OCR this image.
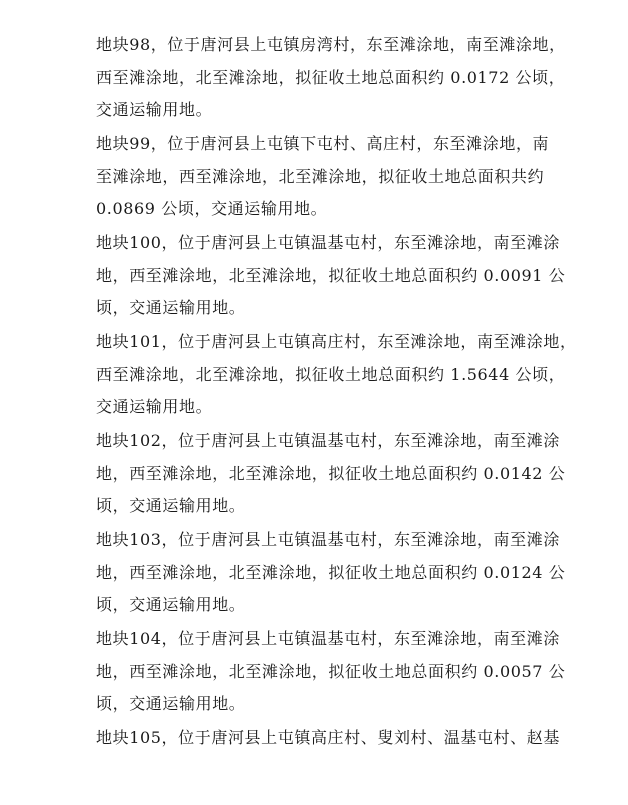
地块98，位于唐河县上屯镇房湾村，东至滩涂地，南至滩涂地，
西至滩涂地，北至滩涂地，拟征收土地总面积约 0.0172 公顷，
交通运输用地。

地块99，位于唐河县上屯镇下屯村、高庄村，东至滩涂地，南
至滩涂地，西至滩涂地，北至滩涂地，拟征收土地总面积共约
0.0869 公顷，交通运输用地。

地块100，位于唐河县上屯镇温基屯村，东至滩涂地，南至滩涂
地，西至滩涂地，北至滩涂地，拟征收土地总面积约 0.0091 公
顷，交通运输用地。

地块101，位于唐河县上屯镇高庄村，东至滩涂地，南至滩涂地，
西至滩涂地，北至滩涂地，拟征收土地总面积约 1.5644 公顷，
交通运输用地。

地块102，位于唐河县上屯镇温基屯村，东至滩涂地，南至滩涂
地，西至滩涂地，北至滩涂地，拟征收土地总面积约 0.0142 公
顷，交通运输用地。

地块103，位于唐河县上屯镇温基屯村，东至滩涂地，南至滩涂
地，西至滩涂地，北至滩涂地，拟征收土地总面积约 0.0124 公
顷，交通运输用地。

地块104，位于唐河县上屯镇温基屯村，东至滩涂地，南至滩涂
地，西至滩涂地，北至滩涂地，拟征收土地总面积约 0.0057 公
顷，交通运输用地。

地块105，位于唐河县上屯镇高庄村、叟刘村、温基屯村、赵基
